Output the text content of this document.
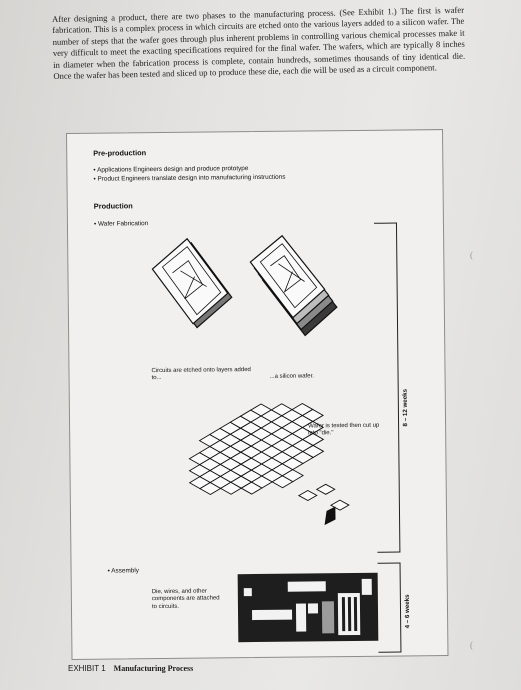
After designing a product, there are two phases to the manufacturing process. (See Exhibit 1.) The first is wafer fabrication. This is a complex process in which circuits are etched onto the various layers added to a silicon wafer. The number of steps that the wafer goes through plus inherent problems in controlling various chemical processes make it very difficult to meet the exacting specifications required for the final wafer. The wafers, which are typically 8 inches in diameter when the fabrication process is complete, contain hundreds, sometimes thousands of tiny identical die. Once the wafer has been tested and sliced up to produce these die, each die will be used as a circuit component.
Pre-production
• Applications Engineers design and produce prototype
• Product Engineers translate design into manufacturing instructions
Production
• Wafer Fabrication
Circuits are etched onto layers added to...	...a silicon wafer.
Wafer is tested then cut up into "die."
8 – 12 weeks
• Assembly
Die, wires, and other components are attached to circuits.	4 – 6 weeks
EXHIBIT 1 Manufacturing Process
(
(
